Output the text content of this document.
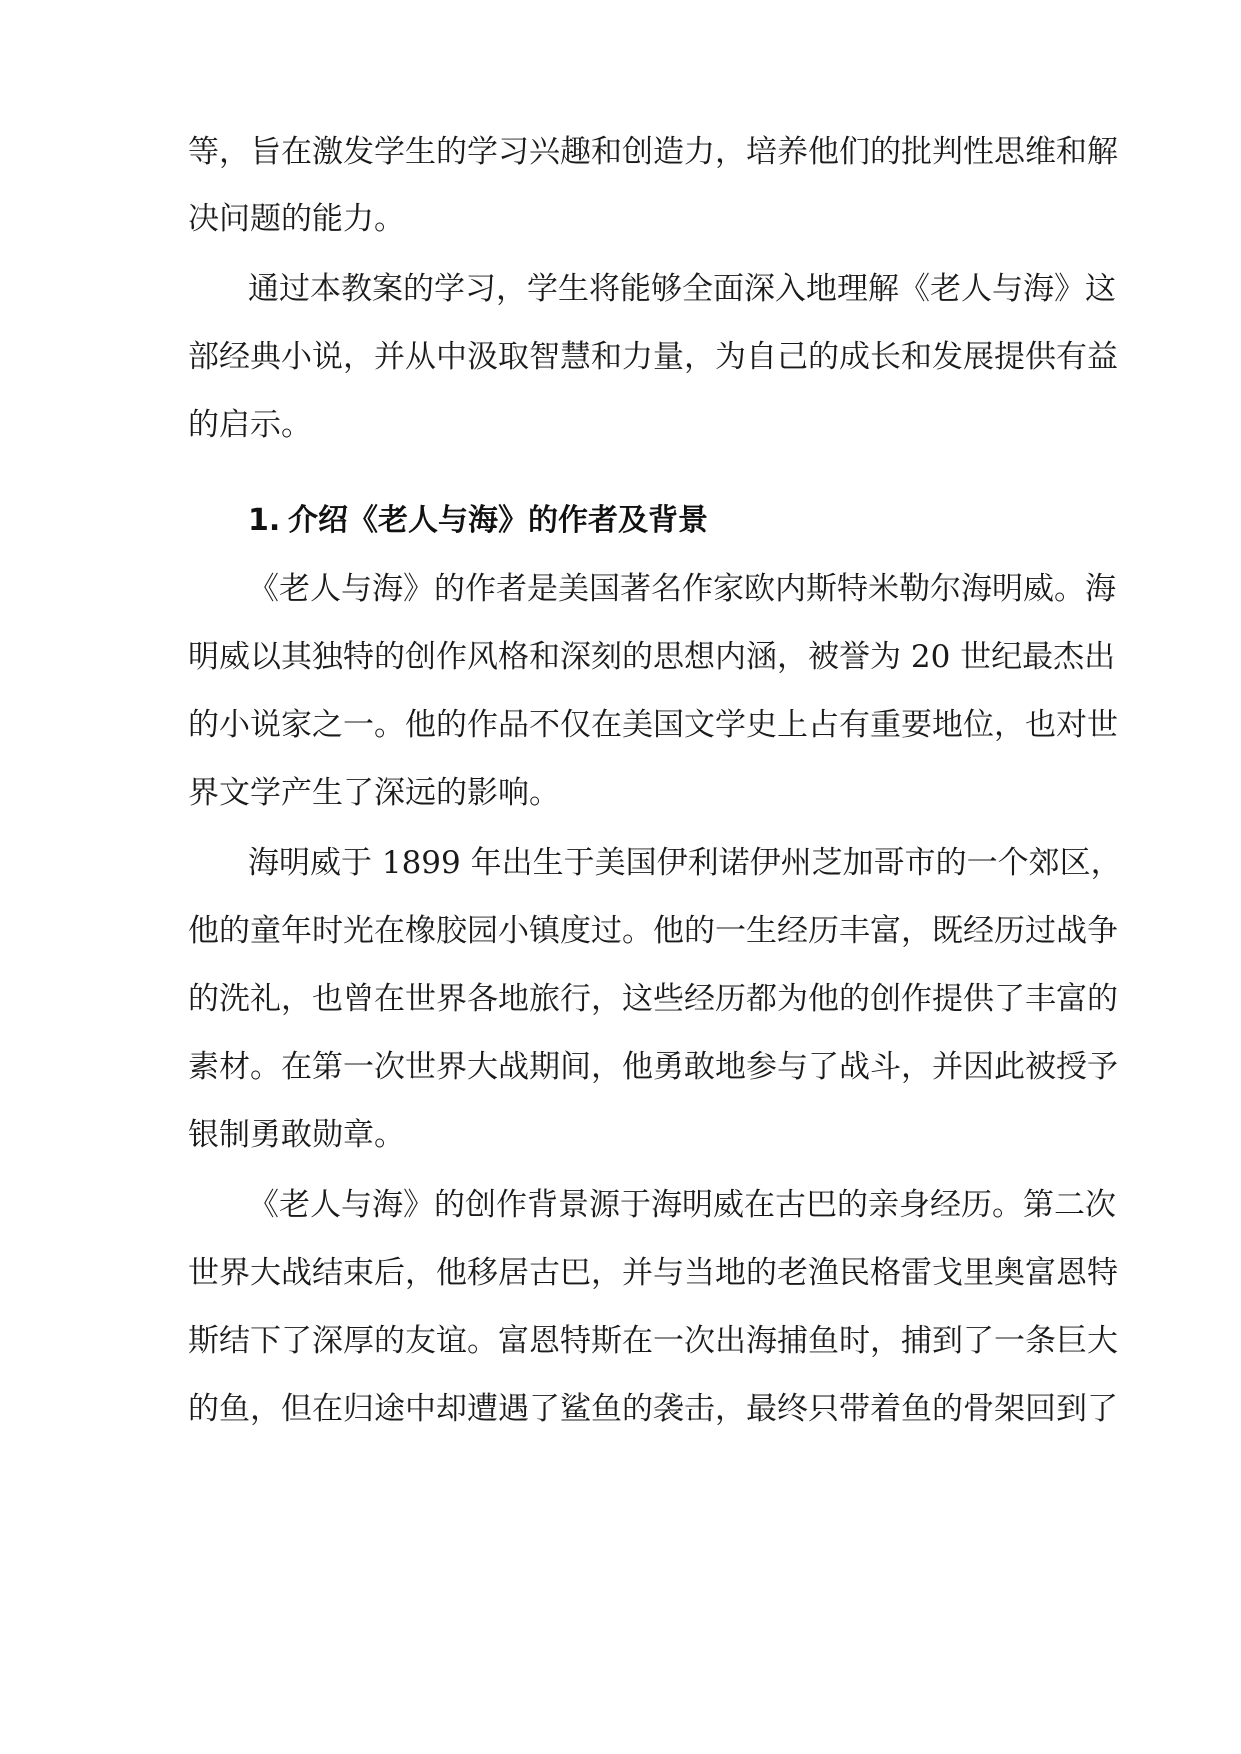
等，旨在激发学生的学习兴趣和创造力，培养他们的批判性思维和解
决问题的能力。
通过本教案的学习，学生将能够全面深入地理解《老人与海》这
部经典小说，并从中汲取智慧和力量，为自己的成长和发展提供有益
的启示。
1. 介绍《老人与海》的作者及背景
《老人与海》的作者是美国著名作家欧内斯特米勒尔海明威。海
明威以其独特的创作风格和深刻的思想内涵，被誉为 20 世纪最杰出
的小说家之一。他的作品不仅在美国文学史上占有重要地位，也对世
界文学产生了深远的影响。
海明威于 1899 年出生于美国伊利诺伊州芝加哥市的一个郊区，
他的童年时光在橡胶园小镇度过。他的一生经历丰富，既经历过战争
的洗礼，也曾在世界各地旅行，这些经历都为他的创作提供了丰富的
素材。在第一次世界大战期间，他勇敢地参与了战斗，并因此被授予
银制勇敢勋章。
《老人与海》的创作背景源于海明威在古巴的亲身经历。第二次
世界大战结束后，他移居古巴，并与当地的老渔民格雷戈里奥富恩特
斯结下了深厚的友谊。富恩特斯在一次出海捕鱼时，捕到了一条巨大
的鱼，但在归途中却遭遇了鲨鱼的袭击，最终只带着鱼的骨架回到了
